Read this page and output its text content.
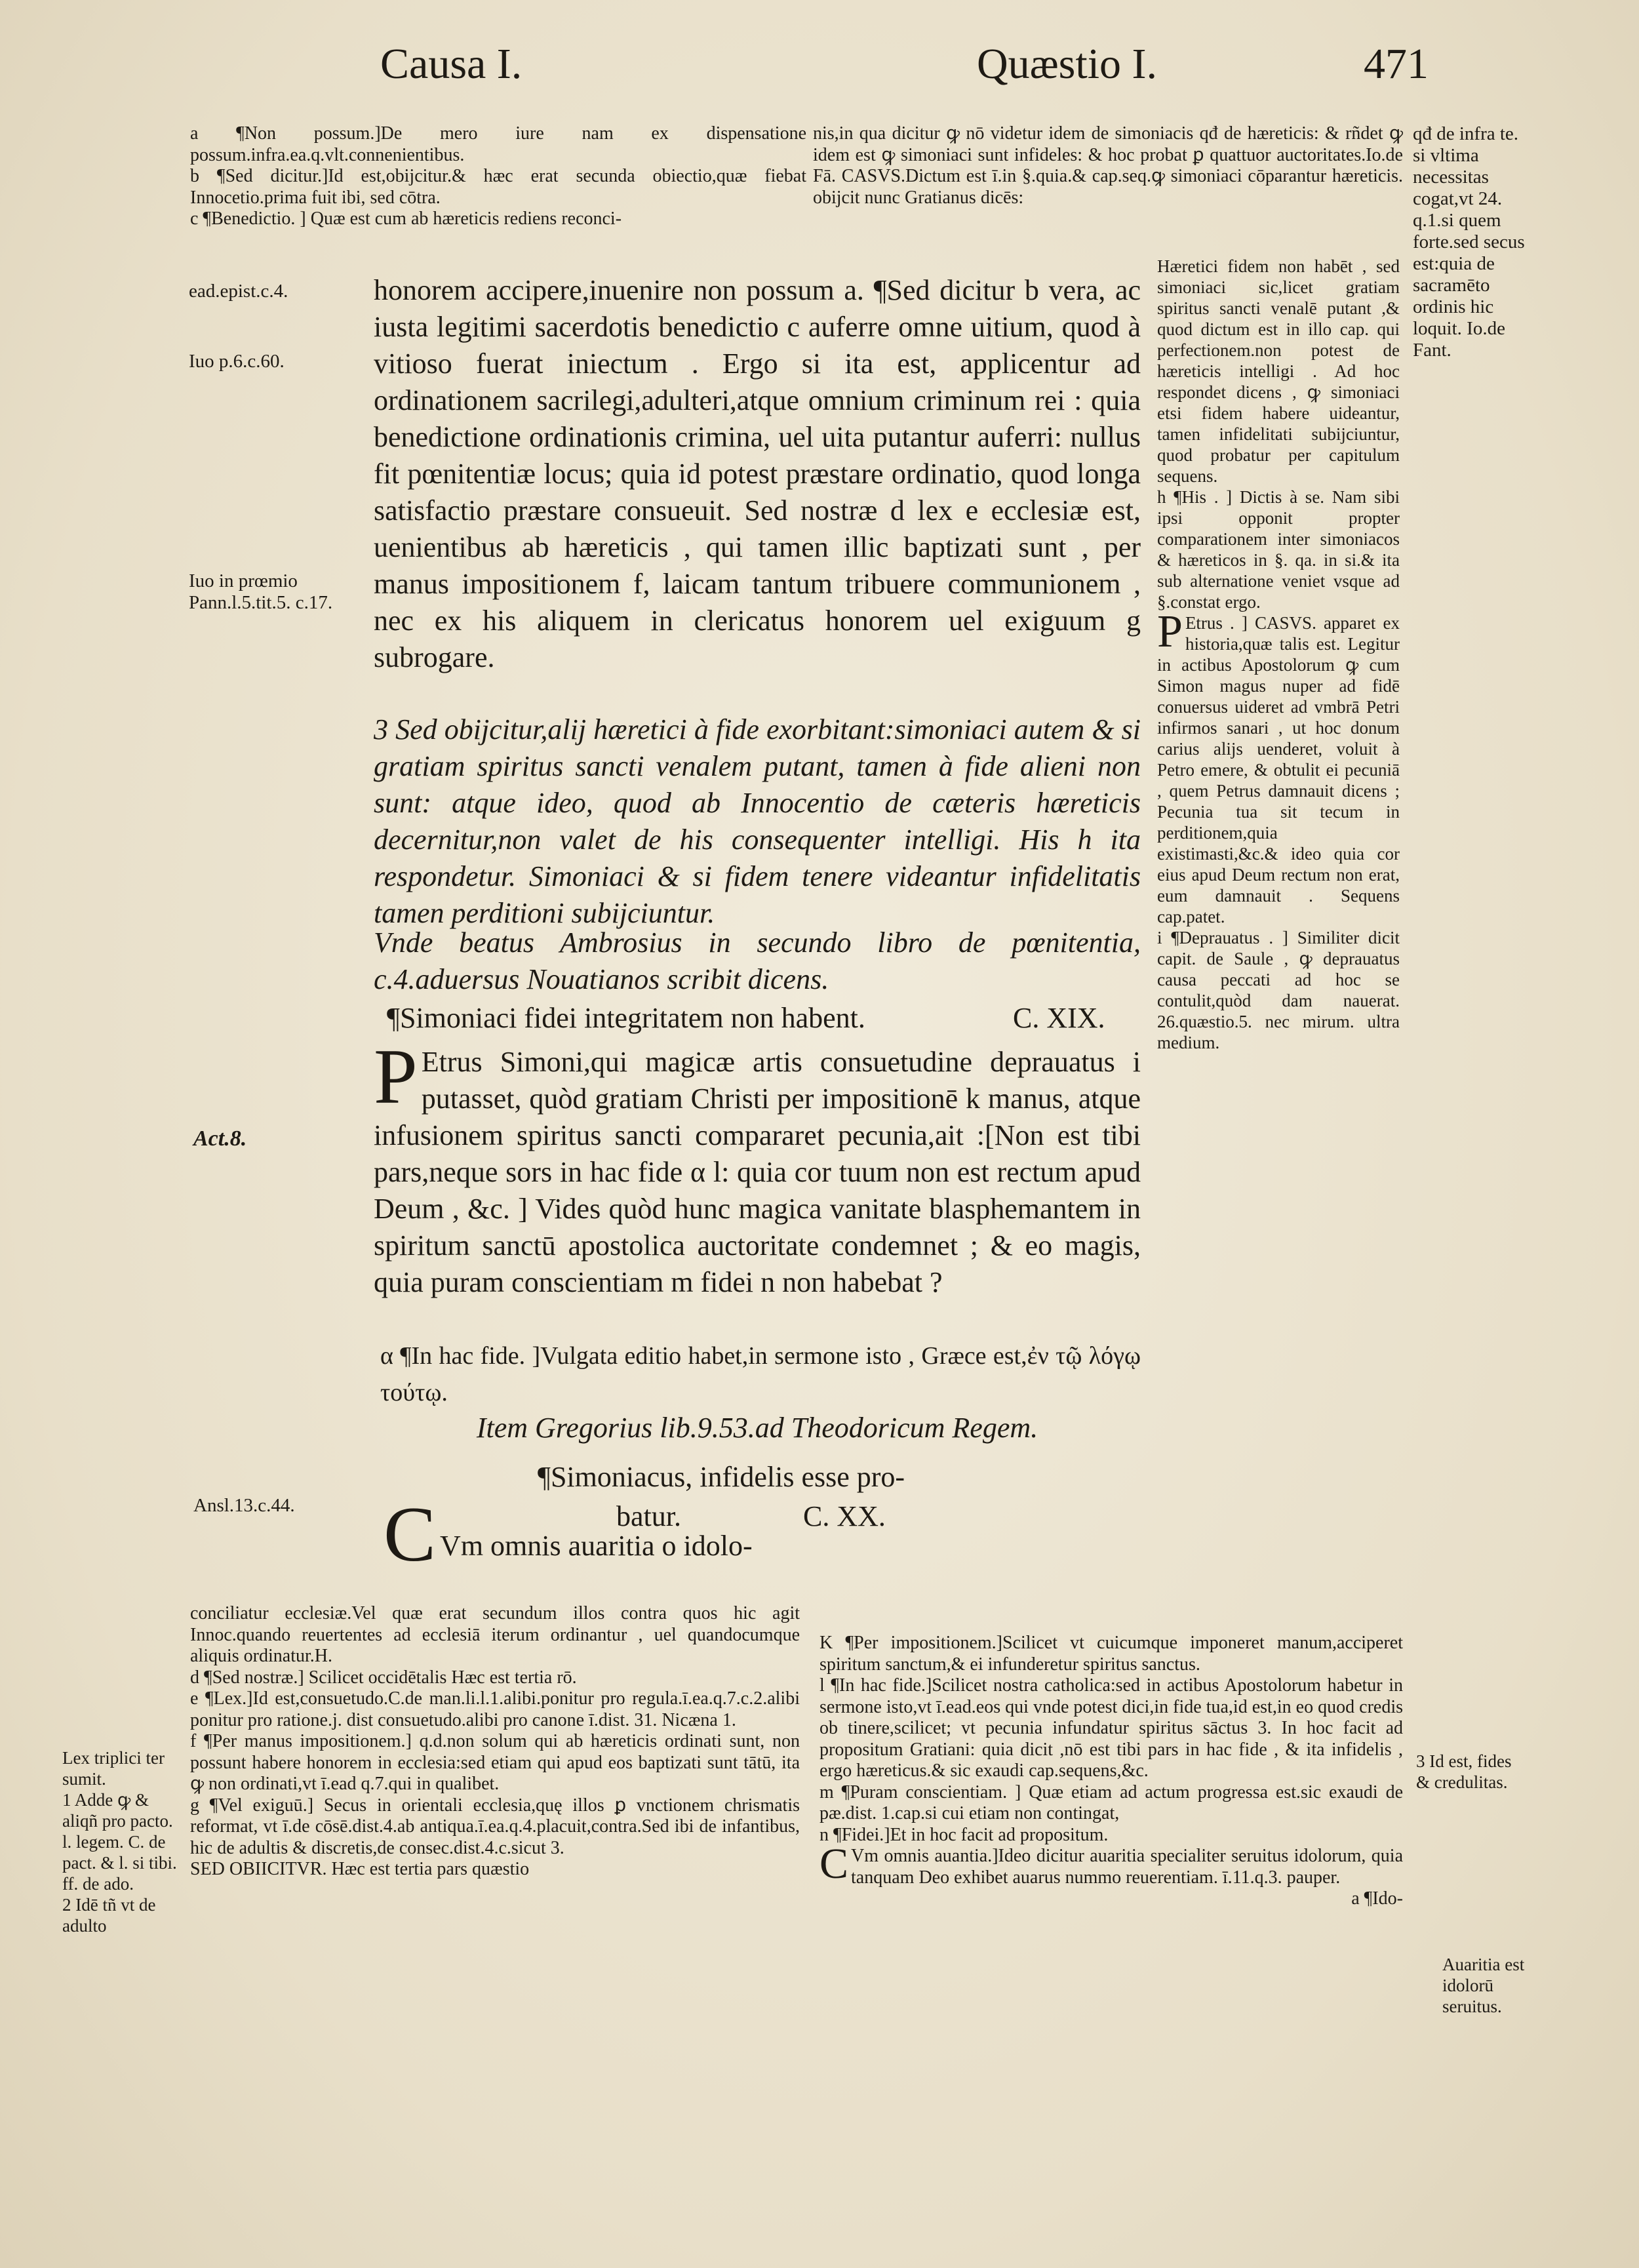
Causa I.	Quæstio I.	471

a ¶Non possum.]De mero iure nam ex dispensatione possum.infra.ea.q.vlt.connenientibus.

b ¶Sed dicitur.]Id est,obijcitur.& hæc erat secunda obiectio,quæ fiebat Innocetio.prima fuit ibi, sed cōtra.

c ¶Benedictio. ] Quæ est cum ab hæreticis rediens reconci-

nis,in qua dicitur ꝙ nō videtur idem de simoniacis qđ de hæreticis: & rñdet ꝙ idem est ꝙ simoniaci sunt infideles: & hoc probat ꝑ quattuor auctoritates.Io.de Fā. CASVS.Dictum est ī.in §.quia.& cap.seq.ꝙ simoniaci cōparantur hæreticis. obijcit nunc Gratianus dicēs:
qđ de infra te. si vltima necessitas cogat,vt 24. q.1.si quem forte.sed secus est:quia de sacramēto ordinis hic loquit. Io.de Fant.
ead.epist.c.4.
Iuo p.6.c.60.
Iuo in prœmio Pann.l.5.tit.5. c.17.
Act.8.
Ansl.13.c.44.
honorem accipere,inuenire non possum a. ¶Sed dicitur b vera, ac iusta legitimi sacerdotis benedictio c auferre omne uitium, quod à vitioso fuerat iniectum . Ergo si ita est, applicentur ad ordinationem sacrilegi,adulteri,atque omnium criminum rei : quia benedictione ordinationis crimina, uel uita putantur auferri: nullus fit pœnitentiæ locus; quia id potest præstare ordinatio, quod longa satisfactio præstare consueuit. Sed nostræ d lex e ecclesiæ est, uenientibus ab hæreticis , qui tamen illic baptizati sunt , per manus impositionem f, laicam tantum tribuere communionem , nec ex his aliquem in clericatus honorem uel exiguum g subrogare.
3 Sed obijcitur,alij hæretici à fide exorbitant:simoniaci autem & si gratiam spiritus sancti venalem putant, tamen à fide alieni non sunt: atque ideo, quod ab Innocentio de cæteris hæreticis decernitur,non valet de his consequenter intelligi. His h ita respondetur. Simoniaci & si fidem tenere videantur infidelitatis tamen perditioni subijciuntur.
Vnde beatus Ambrosius in secundo libro de pœnitentia, c.4.aduersus Nouatianos scribit dicens.
¶Simoniaci fidei integritatem non habent.	C. XIX.
P Etrus Simoni,qui magicæ artis consuetudine deprauatus i putasset, quòd gratiam Christi per impositionē k manus, atque infusionem spiritus sancti compararet pecunia,ait :[Non est tibi pars,neque sors in hac fide α l: quia cor tuum non est rectum apud Deum , &c. ] Vides quòd hunc magica vanitate blasphemantem in spiritum sanctū apostolica auctoritate condemnet ; & eo magis, quia puram conscientiam m fidei n non habebat ?
α ¶In hac fide. ]Vulgata editio habet,in sermone isto , Græce est,ἐν τῷ λόγῳ τούτῳ.
Item Gregorius lib.9.53.ad Theodoricum Regem.
¶Simoniacus, infidelis esse pro-
batur.	C. XX.
C Vm omnis auaritia o idolo-

Hæretici fidem non habēt , sed simoniaci sic,licet gratiam spiritus sancti venalē putant ,& quod dictum est in illo cap. qui perfectionem.non potest de hæreticis intelligi . Ad hoc respondet dicens , ꝙ simoniaci etsi fidem habere uideantur, tamen infidelitati subijciuntur, quod probatur per capitulum sequens.

h ¶His . ] Dictis à se. Nam sibi ipsi opponit propter comparationem inter simoniacos & hæreticos in §. qa. in si.& ita sub alternatione veniet vsque ad §.constat ergo.

P Etrus . ] CASVS. apparet ex historia,quæ talis est. Legitur in actibus Apostolorum ꝙ cum Simon magus nuper ad fidē conuersus uideret ad vmbrā Petri infirmos sanari , ut hoc donum carius alijs uenderet, voluit à Petro emere, & obtulit ei pecuniā , quem Petrus damnauit dicens ; Pecunia tua sit tecum in perditionem,quia existimasti,&c.& ideo quia cor eius apud Deum rectum non erat, eum damnauit . Sequens cap.patet.

i ¶Deprauatus . ] Similiter dicit capit. de Saule , ꝙ deprauatus causa peccati ad hoc se contulit,quòd dam nauerat. 26.quæstio.5. nec mirum. ultra medium.

conciliatur ecclesiæ.Vel quæ erat secundum illos contra quos hic agit Innoc.quando reuertentes ad ecclesiā iterum ordinantur , uel quandocumque aliquis ordinatur.H.

d ¶Sed nostræ.] Scilicet occidētalis Hæc est tertia rō.

e ¶Lex.]Id est,consuetudo.C.de man.li.l.1.alibi.ponitur pro regula.ī.ea.q.7.c.2.alibi ponitur pro ratione.j. dist consuetudo.alibi pro canone ī.dist. 31. Nicæna 1.

f ¶Per manus impositionem.] q.d.non solum qui ab hæreticis ordinati sunt, non possunt habere honorem in ecclesia:sed etiam qui apud eos baptizati sunt tātū, ita ꝙ non ordinati,vt ī.ead q.7.qui in qualibet.

g ¶Vel exiguū.] Secus in orientali ecclesia,quę illos ꝑ vnctionem chrismatis reformat, vt ī.de cōsē.dist.4.ab antiqua.ī.ea.q.4.placuit,contra.Sed ibi de infantibus, hic de adultis & discretis,de consec.dist.4.c.sicut 3.

SED OBIICITVR. Hæc est tertia pars quæstio

Lex triplici ter sumit.

1 Adde ꝙ & aliqñ pro pacto. l. legem. C. de pact. & l. si tibi. ff. de ado.

2 Idē tñ vt de adulto

K ¶Per impositionem.]Scilicet vt cuicumque imponeret manum,acciperet spiritum sanctum,& ei infunderetur spiritus sanctus.

l ¶In hac fide.]Scilicet nostra catholica:sed in actibus Apostolorum habetur in sermone isto,vt ī.ead.eos qui vnde potest dici,in fide tua,id est,in eo quod credis ob tinere,scilicet; vt pecunia infundatur spiritus sāctus 3. In hoc facit ad propositum Gratiani: quia dicit ,nō est tibi pars in hac fide , & ita infidelis , ergo hæreticus.& sic exaudi cap.sequens,&c.

m ¶Puram conscientiam. ] Quæ etiam ad actum progressa est.sic exaudi de pæ.dist. 1.cap.si cui etiam non contingat,

n ¶Fidei.]Et in hoc facit ad propositum.

C Vm omnis auantia.]Ideo dicitur auaritia specialiter seruitus idolorum, quia tanquam Deo exhibet auarus nummo reuerentiam. ī.11.q.3. pauper.

a ¶Ido-

3 Id est, fides & credulitas.
Auaritia est idolorū seruitus.
